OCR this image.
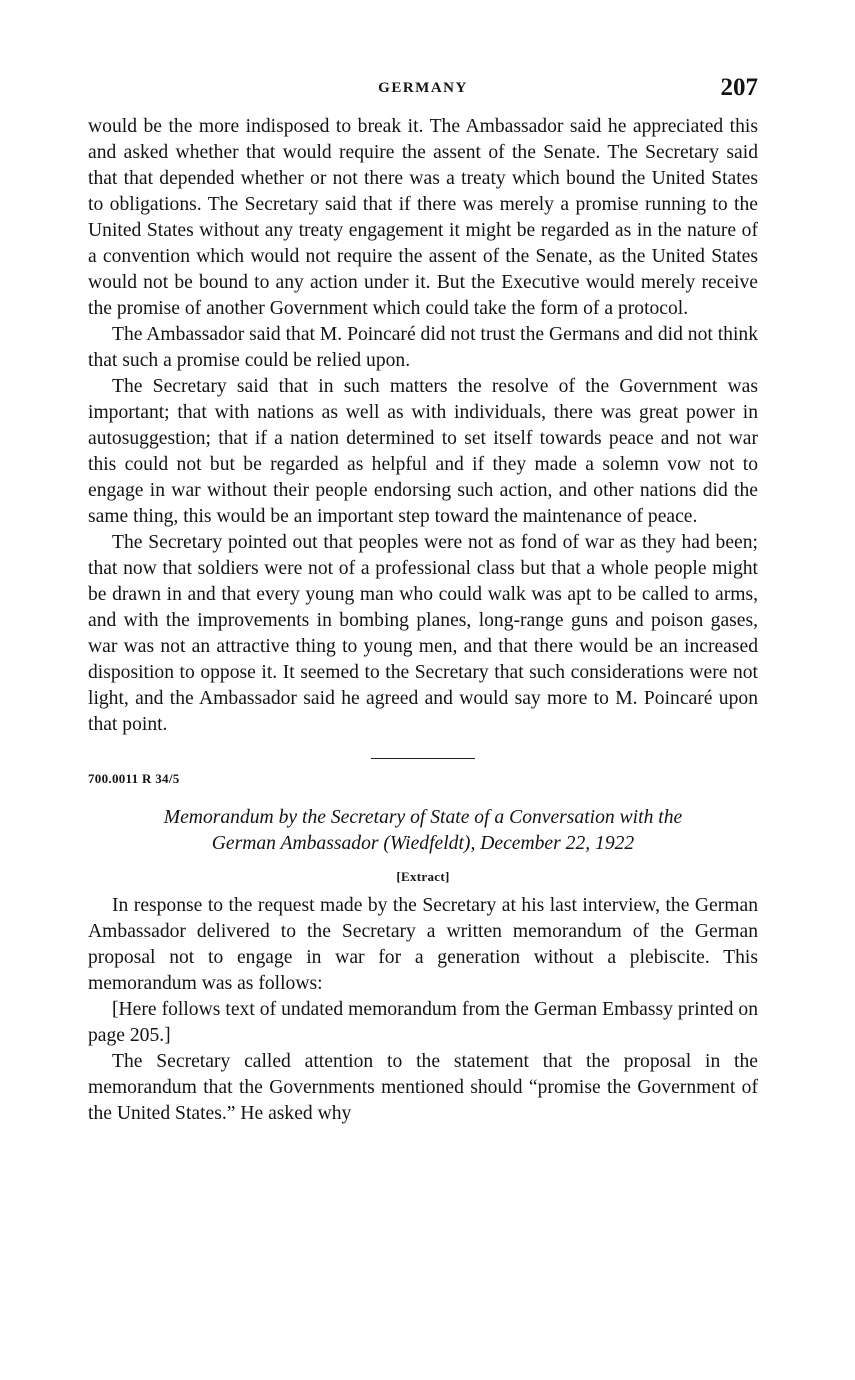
GERMANY	207

would be the more indisposed to break it. The Ambassador said he appreciated this and asked whether that would require the assent of the Senate. The Secretary said that that depended whether or not there was a treaty which bound the United States to obligations. The Secretary said that if there was merely a promise running to the United States without any treaty engagement it might be regarded as in the nature of a convention which would not require the assent of the Senate, as the United States would not be bound to any action under it. But the Executive would merely receive the promise of another Government which could take the form of a protocol.

The Ambassador said that M. Poincaré did not trust the Germans and did not think that such a promise could be relied upon.

The Secretary said that in such matters the resolve of the Government was important; that with nations as well as with individuals, there was great power in autosuggestion; that if a nation determined to set itself towards peace and not war this could not but be regarded as helpful and if they made a solemn vow not to engage in war without their people endorsing such action, and other nations did the same thing, this would be an important step toward the maintenance of peace.

The Secretary pointed out that peoples were not as fond of war as they had been; that now that soldiers were not of a professional class but that a whole people might be drawn in and that every young man who could walk was apt to be called to arms, and with the improvements in bombing planes, long-range guns and poison gases, war was not an attractive thing to young men, and that there would be an increased disposition to oppose it. It seemed to the Secretary that such considerations were not light, and the Ambassador said he agreed and would say more to M. Poincaré upon that point.

700.0011 R 34/5
Memorandum by the Secretary of State of a Conversation with the
German Ambassador (Wiedfeldt), December 22, 1922
[Extract]

In response to the request made by the Secretary at his last interview, the German Ambassador delivered to the Secretary a written memorandum of the German proposal not to engage in war for a generation without a plebiscite. This memorandum was as follows:

[Here follows text of undated memorandum from the German Embassy printed on page 205.]

The Secretary called attention to the statement that the proposal in the memorandum that the Governments mentioned should “promise the Government of the United States.” He asked why
